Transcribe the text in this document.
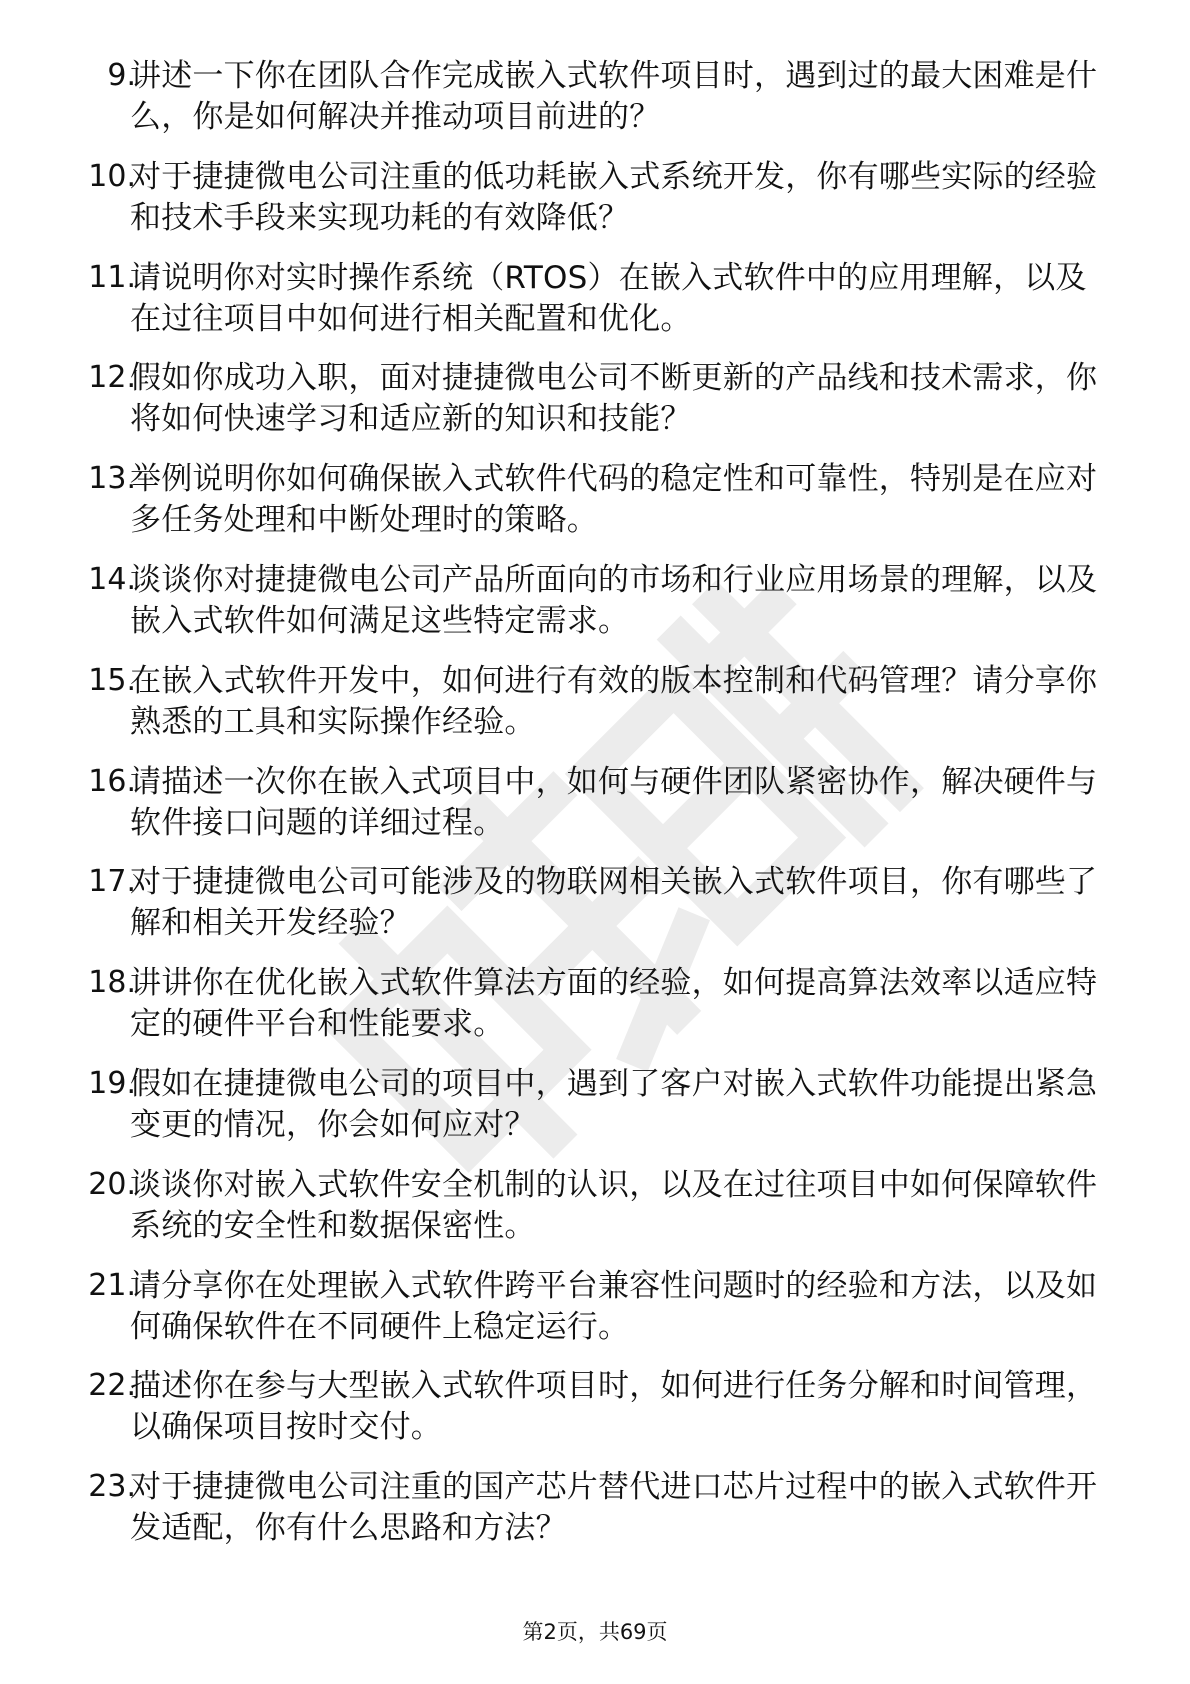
9.
讲述一下你在团队合作完成嵌入式软件项目时，遇到过的最大困难是什么，你是如何解决并推动项目前进的？
10.
对于捷捷微电公司注重的低功耗嵌入式系统开发，你有哪些实际的经验和技术手段来实现功耗的有效降低？
11.
请说明你对实时操作系统（RTOS）在嵌入式软件中的应用理解，以及在过往项目中如何进行相关配置和优化。
12.
假如你成功入职，面对捷捷微电公司不断更新的产品线和技术需求，你将如何快速学习和适应新的知识和技能？
13.
举例说明你如何确保嵌入式软件代码的稳定性和可靠性，特别是在应对多任务处理和中断处理时的策略。
14.
谈谈你对捷捷微电公司产品所面向的市场和行业应用场景的理解，以及嵌入式软件如何满足这些特定需求。
15.
在嵌入式软件开发中，如何进行有效的版本控制和代码管理？请分享你熟悉的工具和实际操作经验。
16.
请描述一次你在嵌入式项目中，如何与硬件团队紧密协作，解决硬件与软件接口问题的详细过程。
17.
对于捷捷微电公司可能涉及的物联网相关嵌入式软件项目，你有哪些了解和相关开发经验？
18.
讲讲你在优化嵌入式软件算法方面的经验，如何提高算法效率以适应特定的硬件平台和性能要求。
19.
假如在捷捷微电公司的项目中，遇到了客户对嵌入式软件功能提出紧急变更的情况，你会如何应对？
20.
谈谈你对嵌入式软件安全机制的认识，以及在过往项目中如何保障软件系统的安全性和数据保密性。
21.
请分享你在处理嵌入式软件跨平台兼容性问题时的经验和方法，以及如何确保软件在不同硬件上稳定运行。
22.
描述你在参与大型嵌入式软件项目时，如何进行任务分解和时间管理，以确保项目按时交付。
23.
对于捷捷微电公司注重的国产芯片替代进口芯片过程中的嵌入式软件开发适配，你有什么思路和方法？
第2页，共69页
